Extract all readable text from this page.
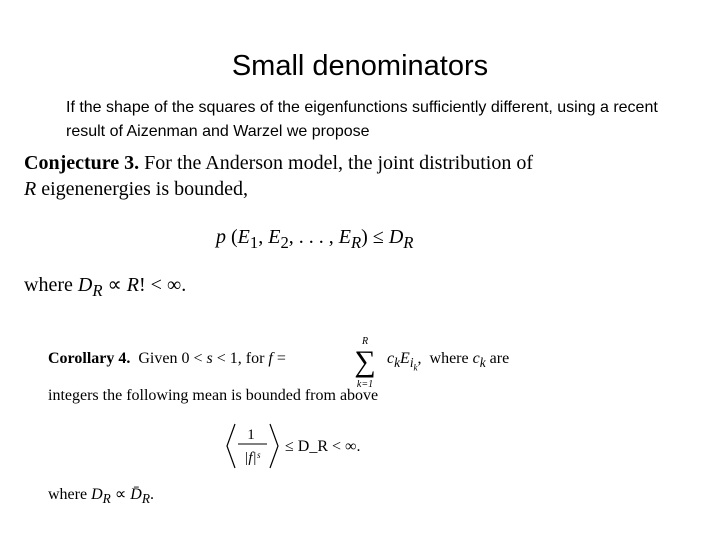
Small denominators
If the shape of the squares of the eigenfunctions sufficiently different, using a recent result of Aizenman and Warzel we propose
Conjecture 3. For the Anderson model, the joint distribution of
R eigenenergies is bounded,
p ($E_1$, $E_2$, . . . , $E_R) \le D_R$
where $D_R \propto R$! < ∞.
Corollary 4.  Given 0 < s < 1, for f =
R
∑
k=1
$c_kE_{i_k}$,  where $c_k$ are
integers the following mean is bounded from above
1
|f|ˢ
≤ D_R < ∞.
where $D_R$ ∝ $D̄_R$.
